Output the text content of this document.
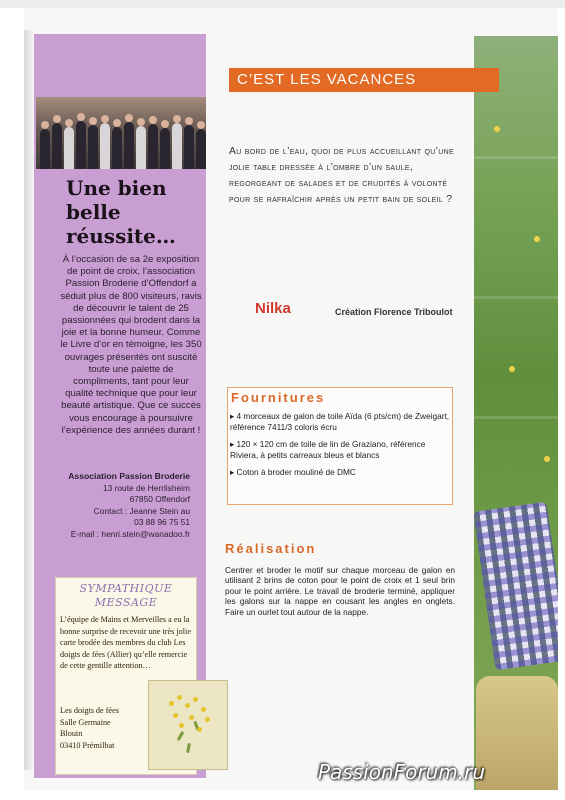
Une bien belle réussite…

À l’occasion de sa 2e exposition de point de croix, l’association Passion Broderie d’Offendorf a séduit plus de 800 visiteurs, ravis de découvrir le talent de 25 passionnées qui brodent dans la joie et la bonne humeur. Comme le Livre d’or en témoigne, les 350 ouvrages présentés ont suscité toute une palette de compliments, tant pour leur qualité technique que pour leur beauté artistique. Que ce succès vous encourage à poursuivre l’expérience des années durant !

Association Passion Broderie
13 route de Herrlisheim
67850 Offendorf
Contact : Jeanne Stein au
03 88 96 75 51
E-mail : henri.stein@wanadoo.fr
SYMPATHIQUE MESSAGE
L’équipe de Mains et Merveilles a eu la bonne surprise de recevoir une très jolie carte brodée des membres du club Les doigts de fées (Allier) qu’elle remercie de cette gentille attention…
Les doigts de fées
Salle Germaine
Blouin
03410 Prémilbat
C’EST LES VACANCES
Au bord de l’eau, quoi de plus accueillant qu’une jolie table dressée à l’ombre d’un saule, regorgeant de salades et de crudités à volonté pour se rafraîchir après un petit bain de soleil ?
Nilka	Création Florence Triboulot
Fournitures
▸ 4 morceaux de galon de toile Aïda (6 pts/cm) de Zweigart, référence 7411/3 coloris écru
▸ 120 × 120 cm de toile de lin de Graziano, référence Riviera, à petits carreaux bleus et blancs
▸ Coton à broder mouliné de DMC
Réalisation
Centrer et broder le motif sur chaque morceau de galon en utilisant 2 brins de coton pour le point de croix et 1 seul brin pour le point arrière. Le travail de broderie terminé, appliquer les galons sur la nappe en cousant les angles en onglets. Faire un ourlet tout autour de la nappe.
PassionForum.ru
